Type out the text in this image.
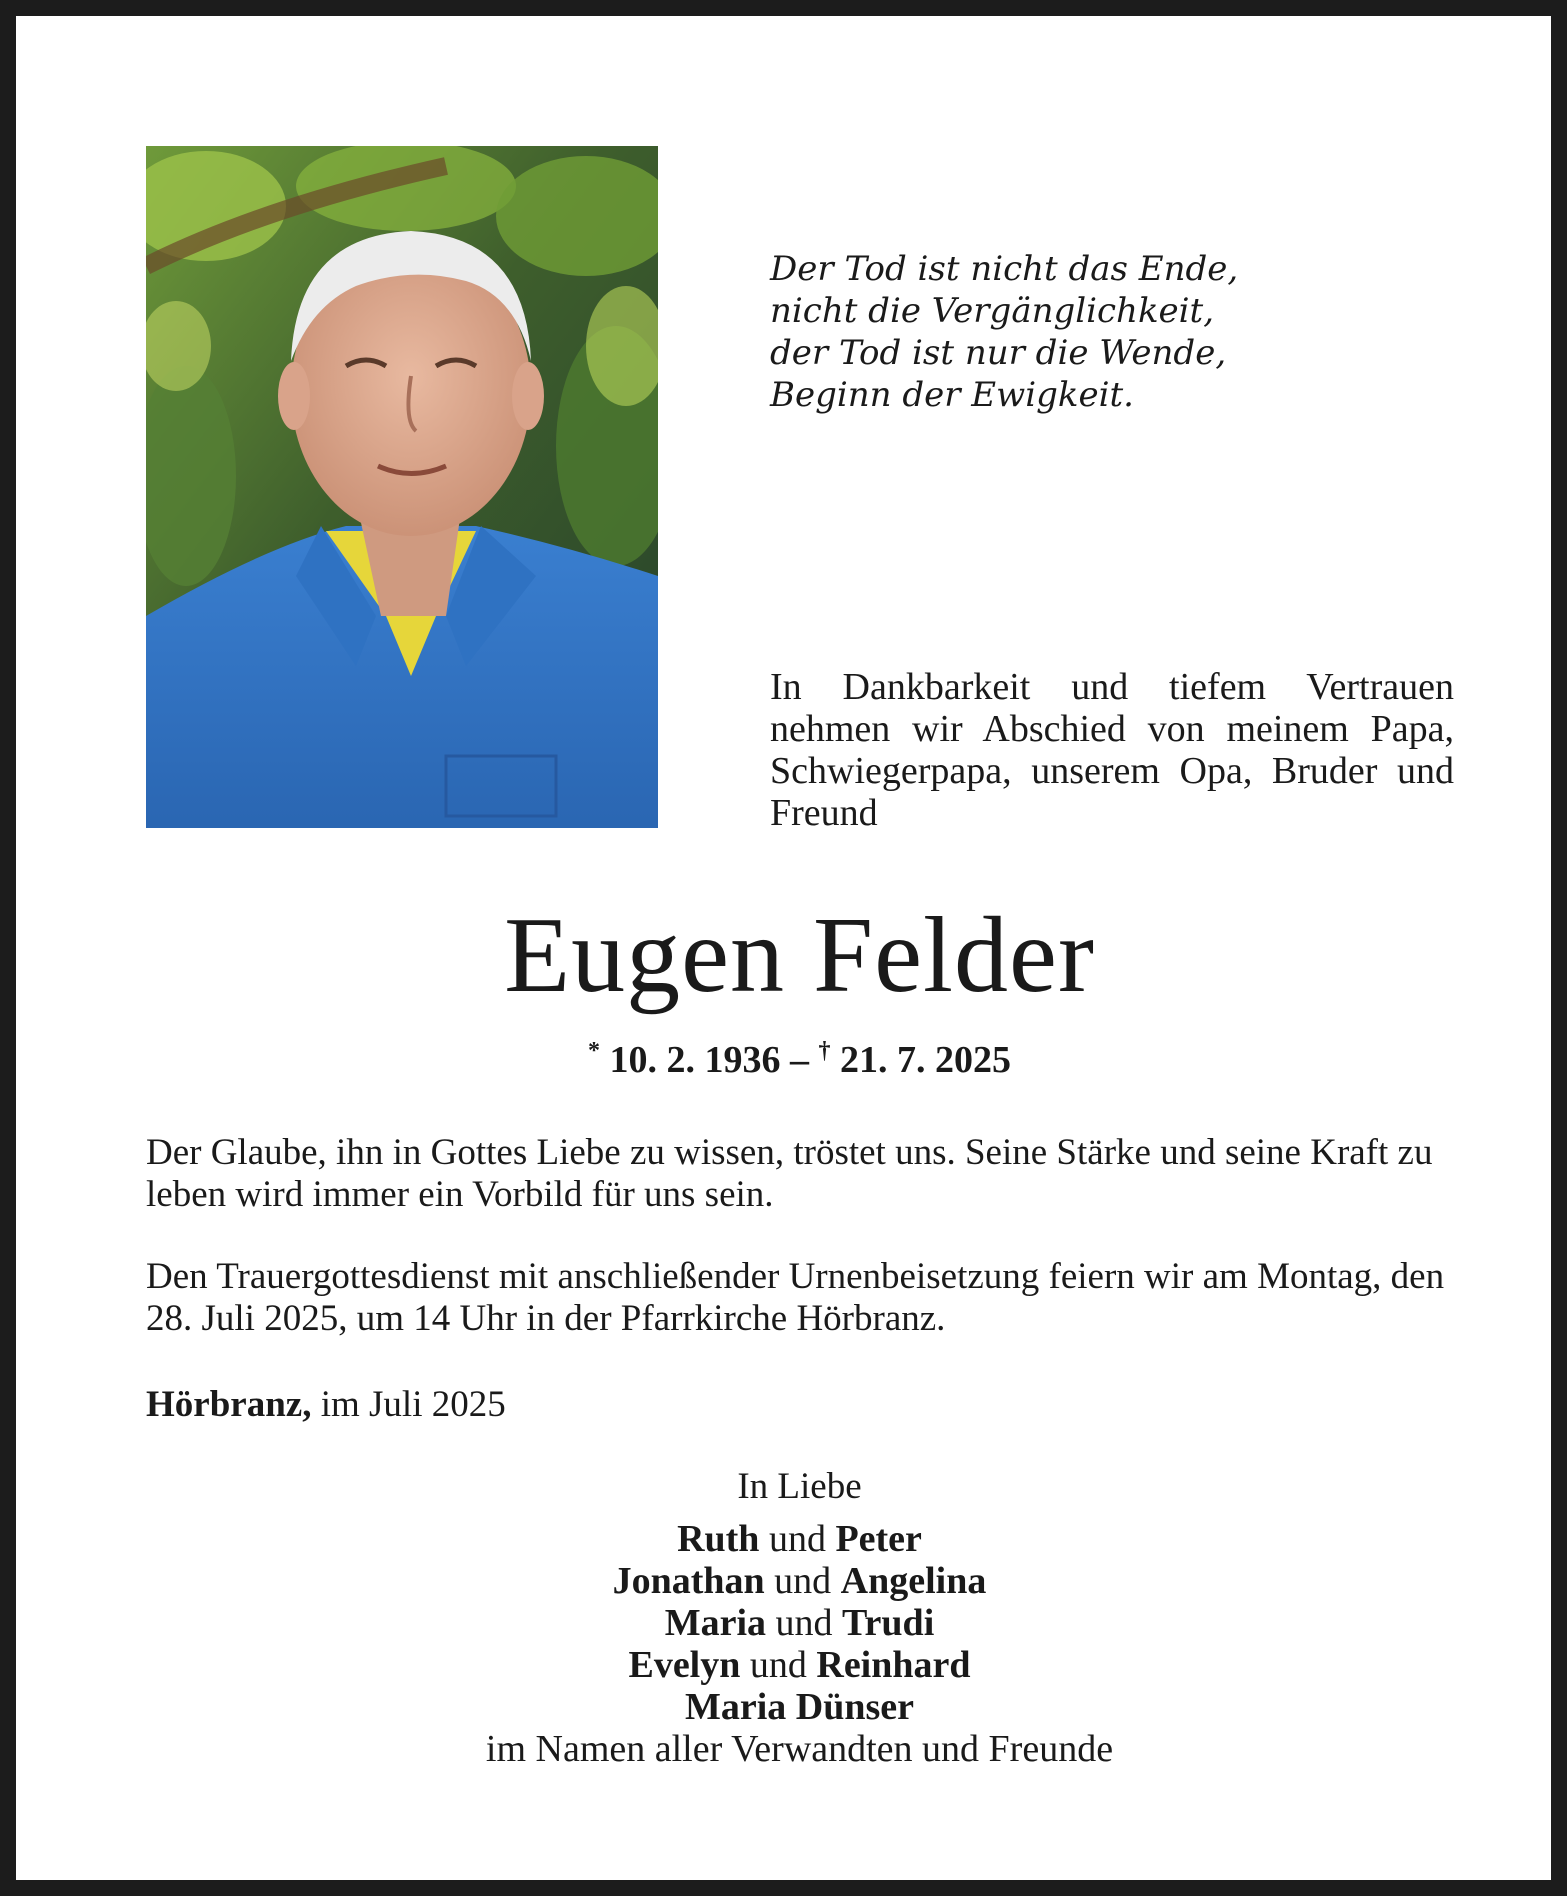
Der Tod ist nicht das Ende,
nicht die Vergänglichkeit,
der Tod ist nur die Wende,
Beginn der Ewigkeit.
In Dankbarkeit und tiefem Vertrauen nehmen wir Abschied von meinem Papa, Schwiegerpapa, unserem Opa, Bruder und Freund
Eugen Felder
* 10. 2. 1936 – † 21. 7. 2025
Der Glaube, ihn in Gottes Liebe zu wissen, tröstet uns. Seine Stärke und seine Kraft zu leben wird immer ein Vorbild für uns sein.
Den Trauergottesdienst mit anschließender Urnenbeisetzung feiern wir am Montag, den 28. Juli 2025, um 14 Uhr in der Pfarrkirche Hörbranz.
Hörbranz, im Juli 2025
In Liebe
Ruth und Peter
Jonathan und Angelina
Maria und Trudi
Evelyn und Reinhard
Maria Dünser
im Namen aller Verwandten und Freunde
